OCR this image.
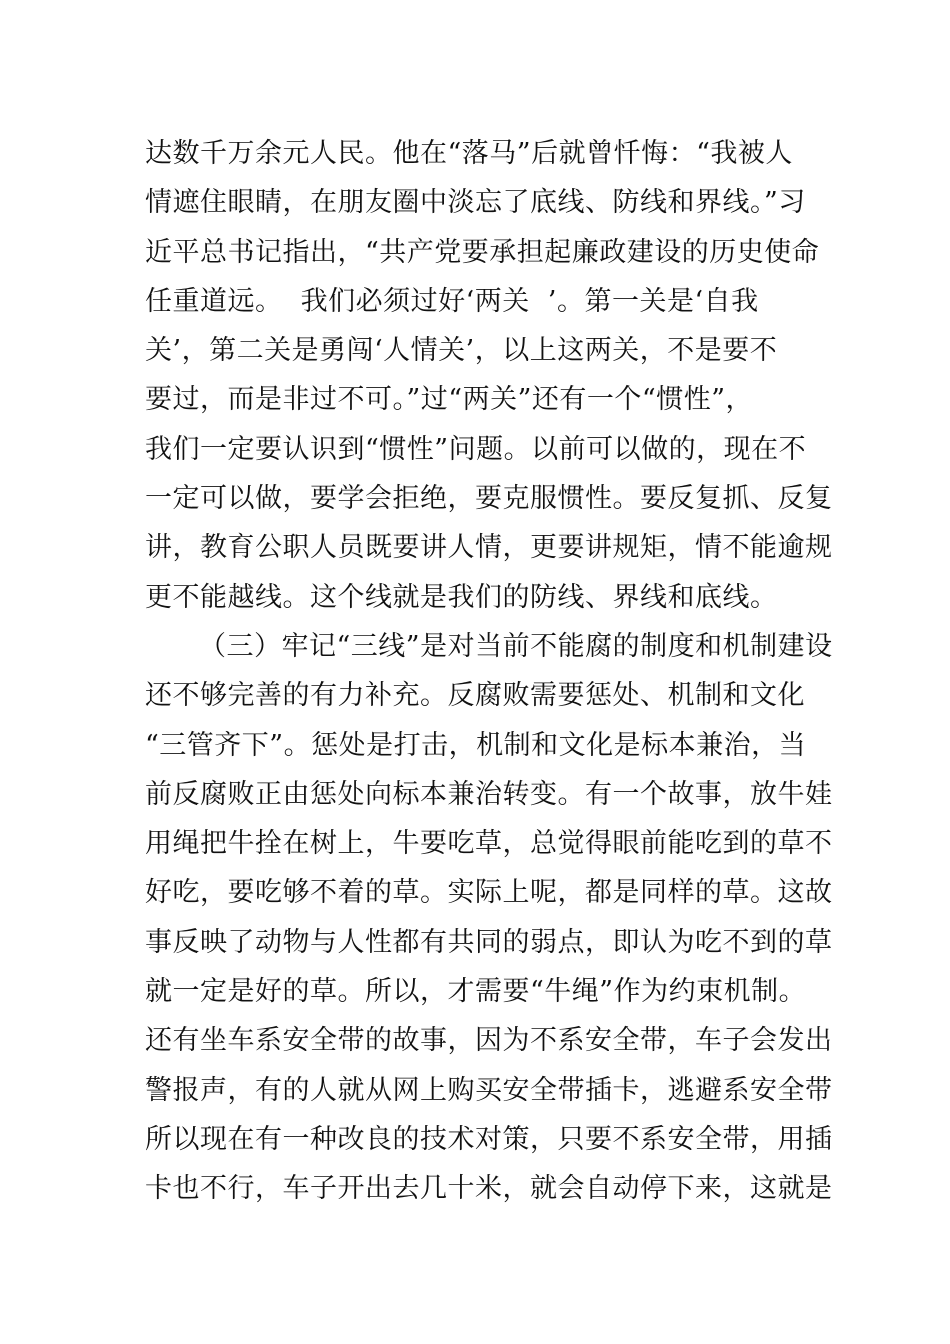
达数千万余元人民。他在“落马”后就曾忏悔：“我被人
情遮住眼睛，在朋友圈中淡忘了底线、防线和界线。”习
近平总书记指出，“共产党要承担起廉政建设的历史使命
任重道远。  我们必须过好‘两关  ’。第一关是‘自我
关’，第二关是勇闯‘人情关’，以上这两关，不是要不
要过，而是非过不可。”过“两关”还有一个“惯性”，
我们一定要认识到“惯性”问题。以前可以做的，现在不
一定可以做，要学会拒绝，要克服惯性。要反复抓、反复
讲，教育公职人员既要讲人情，更要讲规矩，情不能逾规
更不能越线。这个线就是我们的防线、界线和底线。
（三）牢记“三线”是对当前不能腐的制度和机制建设
还不够完善的有力补充。反腐败需要惩处、机制和文化
“三管齐下”。惩处是打击，机制和文化是标本兼治，当
前反腐败正由惩处向标本兼治转变。有一个故事，放牛娃
用绳把牛拴在树上，牛要吃草，总觉得眼前能吃到的草不
好吃，要吃够不着的草。实际上呢，都是同样的草。这故
事反映了动物与人性都有共同的弱点，即认为吃不到的草
就一定是好的草。所以，才需要“牛绳”作为约束机制。
还有坐车系安全带的故事，因为不系安全带，车子会发出
警报声，有的人就从网上购买安全带插卡，逃避系安全带
所以现在有一种改良的技术对策，只要不系安全带，用插
卡也不行，车子开出去几十米，就会自动停下来，这就是
